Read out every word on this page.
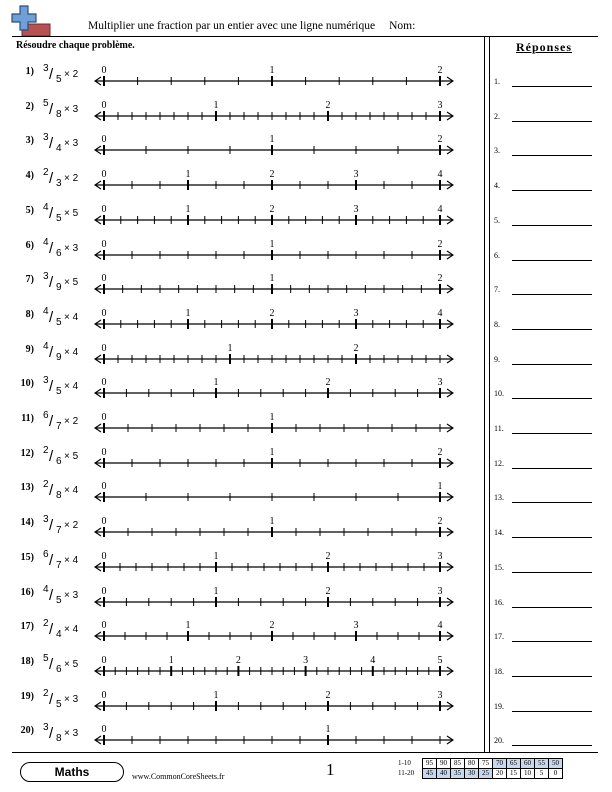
Multiplier une fraction par un entier avec une ligne numérique Nom:
Résoudre chaque problème.	Réponses
1) 3 / 5 × 2 0	1	2
2) 5 / 8 × 3 0	1	2	3
3) 3 / 4 × 3 0	1	2
4) 2 / 3 × 2 0	1	2	3	4
5) 4 / 5 × 5 0	1	2	3	4
6) 4 / 6 × 3 0	1	2
7) 3 / 9 × 5 0	1	2
8) 4 / 5 × 4 0	1	2	3	4
9) 4 / 9 × 4 0	1	2
10) 3 / 5 × 4 0	1	2	3
11) 6 / 7 × 2 0	1
12) 2 / 6 × 5 0	1	2
13) 2 / 8 × 4 0	1
14) 3 / 7 × 2 0	1	2
15) 6 / 7 × 4 0	1	2	3
16) 4 / 5 × 3 0	1	2	3
17) 2 / 4 × 4 0	1	2	3	4
18) 5 / 6 × 5 0	1	2	3	4	5
19) 2 / 5 × 3 0	1	2	3
20) 3 / 8 × 3 0	1
1.
2.
3.
4.
5.
6.
7.
8.
9.
10.
11.
12.
13.
14.
15.
16.
17.
18.
19.
20.
Maths	www.CommonCoreSheets.fr	1	1-10	95	90	85	80	75	70	65	60	55	50
11-20	45	40	35	30	25	20	15	10	5	0
